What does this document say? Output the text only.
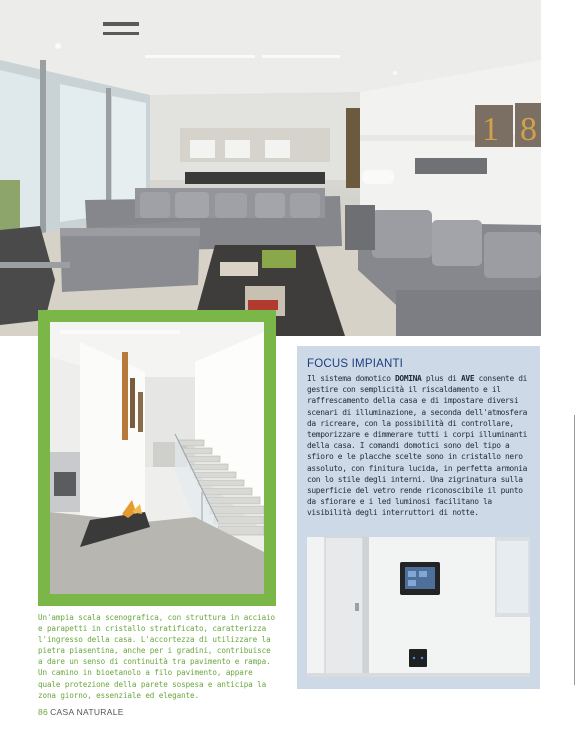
1 8
Un'ampia scala scenografica, con struttura in acciaio e parapetti in cristallo stratificato, caratterizza l'ingresso della casa. L'accortezza di utilizzare la pietra piasentina, anche per i gradini, contribuisce a dare un senso di continuità tra pavimento e rampa. Un camino in bioetanolo a filo pavimento, appare quale protezione della parete sospesa e anticipa la zona giorno, essenziale ed elegante.
FOCUS IMPIANTI
Il sistema domotico DOMINA plus di AVE consente di gestire con semplicità il riscaldamento e il raffrescamento della casa e di impostare diversi scenari di illuminazione, a seconda dell'atmosfera da ricreare, con la possibilità di controllare, temporizzare e dimmerare tutti i corpi illuminanti della casa. I comandi domotici sono del tipo a sfioro e le placche scelte sono in cristallo nero assoluto, con finitura lucida, in perfetta armonia con lo stile degli interni. Una zigrinatura sulla superficie del vetro rende riconoscibile il punto da sfiorare e i led luminosi facilitano la visibilità degli interruttori di notte.
86 CASA NATURALE
